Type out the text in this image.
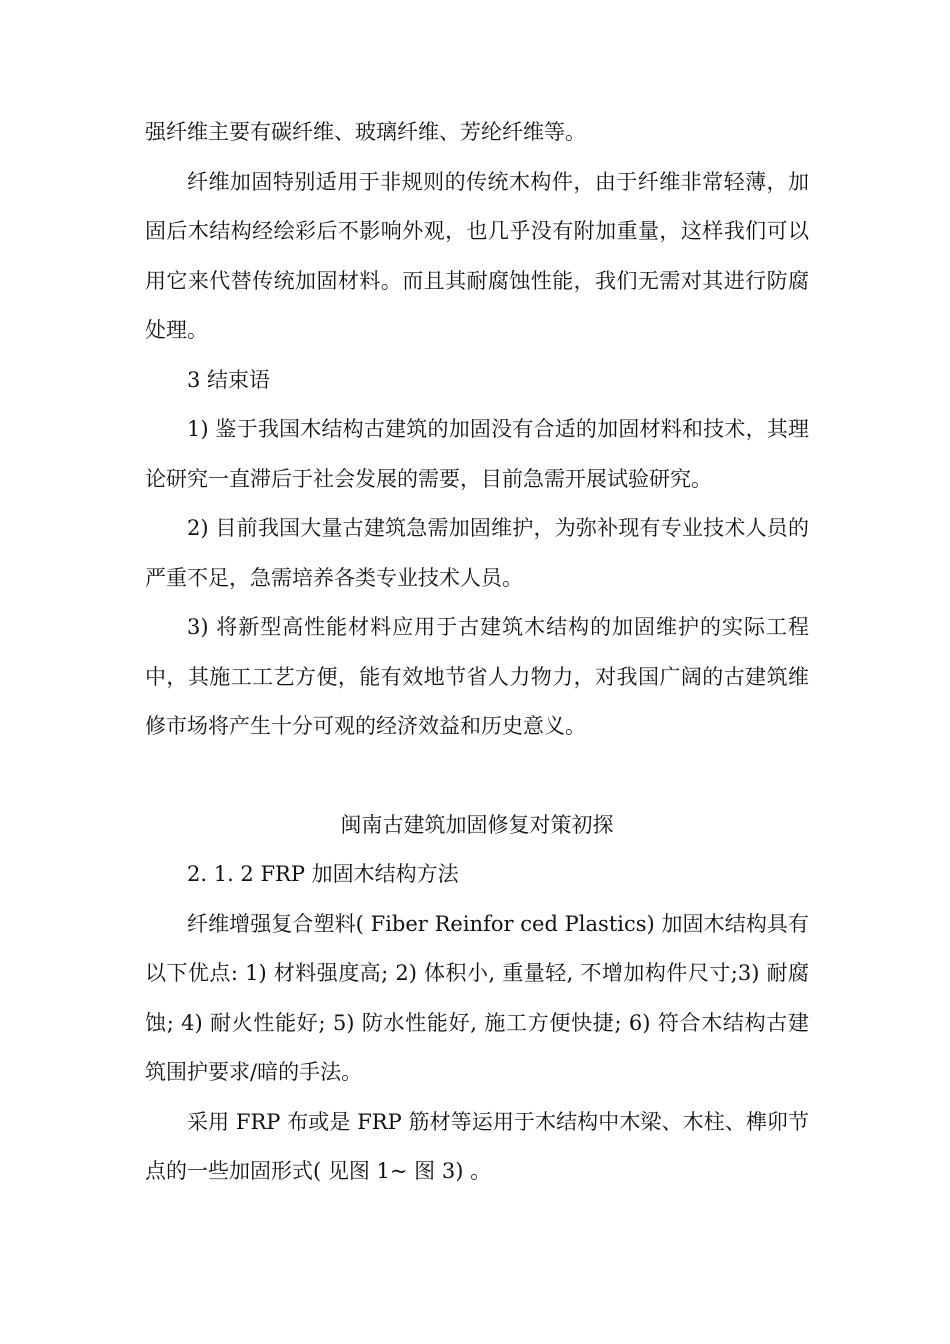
强纤维主要有碳纤维、玻璃纤维、芳纶纤维等。

纤维加固特别适用于非规则的传统木构件，由于纤维非常轻薄，加固后木结构经绘彩后不影响外观，也几乎没有附加重量，这样我们可以用它来代替传统加固材料。而且其耐腐蚀性能，我们无需对其进行防腐处理。

3 结束语

1) 鉴于我国木结构古建筑的加固没有合适的加固材料和技术，其理论研究一直滞后于社会发展的需要，目前急需开展试验研究。

2) 目前我国大量古建筑急需加固维护，为弥补现有专业技术人员的严重不足，急需培养各类专业技术人员。

3) 将新型高性能材料应用于古建筑木结构的加固维护的实际工程中，其施工工艺方便，能有效地节省人力物力，对我国广阔的古建筑维修市场将产生十分可观的经济效益和历史意义。

闽南古建筑加固修复对策初探

2. 1. 2 FRP 加固木结构方法

纤维增强复合塑料( Fiber Reinfor ced Plastics) 加固木结构具有以下优点: 1) 材料强度高; 2) 体积小, 重量轻, 不增加构件尺寸;3) 耐腐蚀; 4) 耐火性能好; 5) 防水性能好, 施工方便快捷; 6) 符合木结构古建筑围护要求/暗的手法。

采用 FRP 布或是 FRP 筋材等运用于木结构中木梁、木柱、榫卯节点的一些加固形式( 见图 1~ 图 3) 。
